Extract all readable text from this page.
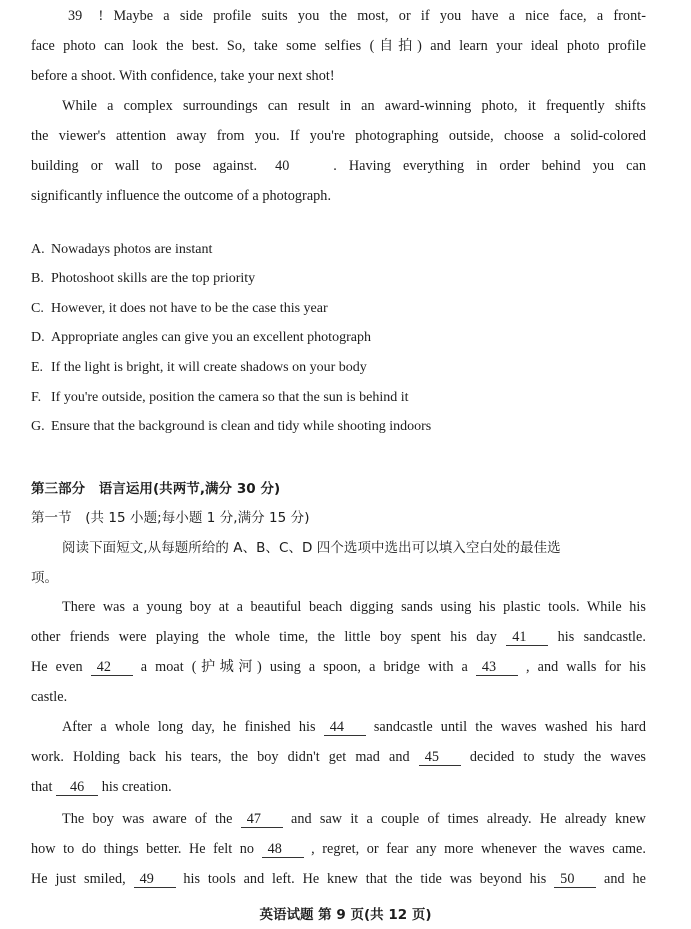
39 ! Maybe a side profile suits you the most, or if you have a nice face, a front-
face photo can look the best. So, take some selfies (自拍) and learn your ideal photo profile
before a shoot. With confidence, take your next shot!
While a complex surroundings can result in an award-winning photo, it frequently shifts
the viewer's attention away from you. If you're photographing outside, choose a solid-colored
building or wall to pose against. 40	. Having everything in order behind you can
significantly influence the outcome of a photograph.
A. Nowadays photos are instant
B. Photoshoot skills are the top priority
C. However, it does not have to be the case this year
D. Appropriate angles can give you an excellent photograph
E. If the light is bright, it will create shadows on your body
F. If you're outside, position the camera so that the sun is behind it
G. Ensure that the background is clean and tidy while shooting indoors
第三部分　语言运用(共两节,满分 30 分)
第一节　(共 15 小题;每小题 1 分,满分 15 分)
阅读下面短文,从每题所给的 A、B、C、D 四个选项中选出可以填入空白处的最佳选
项。
There was a young boy at a beautiful beach digging sands using his plastic tools. While his
other friends were playing the whole time, the little boy spent his day 41 his sandcastle.
He even 42 a moat (护城河) using a spoon, a bridge with a 43 , and walls for his
castle.
After a whole long day, he finished his 44 sandcastle until the waves washed his hard
work. Holding back his tears, the boy didn't get mad and 45 decided to study the waves
that 46 his creation.
The boy was aware of the 47 and saw it a couple of times already. He already knew
how to do things better. He felt no 48 , regret, or fear any more whenever the waves came.
He just smiled, 49 his tools and left. He knew that the tide was beyond his 50 and he
英语试题 第 9 页(共 12 页)
